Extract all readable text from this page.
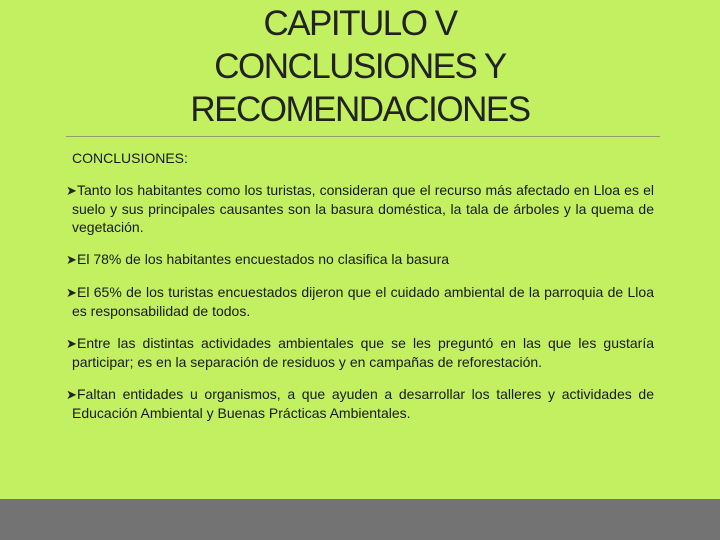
CAPITULO V
CONCLUSIONES Y
RECOMENDACIONES
CONCLUSIONES:
➤Tanto los habitantes como los turistas, consideran que el recurso más afectado en Lloa es el suelo y sus principales causantes son la basura doméstica, la tala de árboles y la quema de vegetación.
➤El 78% de los habitantes encuestados no clasifica la basura
➤El 65% de los turistas encuestados dijeron que el cuidado ambiental de la parroquia de Lloa es responsabilidad de todos.
➤Entre las distintas actividades ambientales que se les preguntó en las que les gustaría participar; es en la separación de residuos y en campañas de reforestación.
➤Faltan entidades u organismos, a que ayuden a desarrollar los talleres y actividades de Educación Ambiental y Buenas Prácticas Ambientales.
